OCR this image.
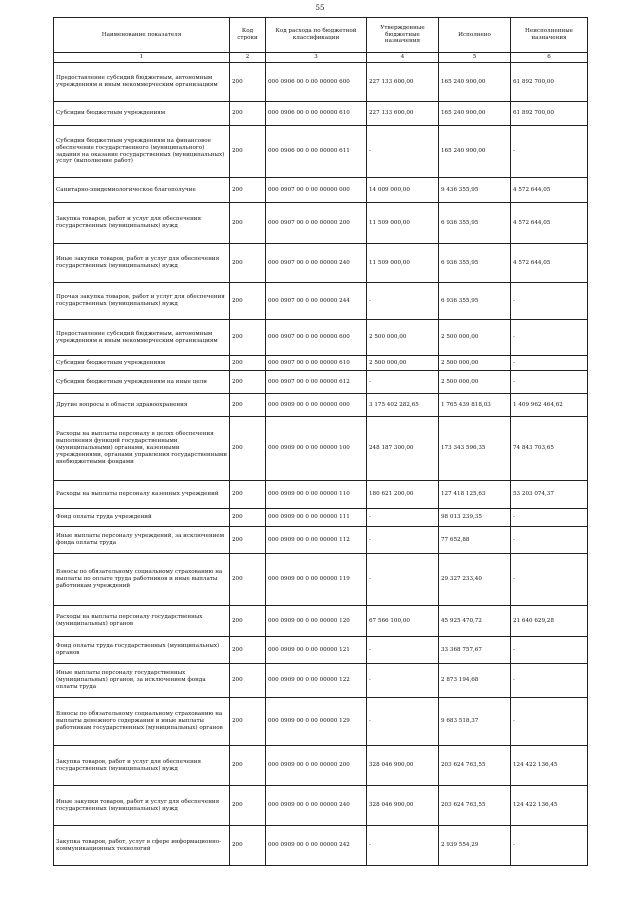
55
Наименование показателя	Код строки	Код расхода по бюджетной классификации	Утвержденные бюджетные назначения	Исполнено	Неисполненные назначения
1	2	3	4	5	6
Предоставление субсидий бюджетным, автономным учреждениям и иным некоммерческим организациям	200	000 0906 00 0 00 00000 600	227 133 600,00	165 240 900,00	61 892 700,00
Субсидии бюджетным учреждениям	200	000 0906 00 0 00 00000 610	227 133 600,00	165 240 900,00	61 892 700,00
Субсидии бюджетным учреждениям на финансовое обеспечение государственного (муниципального) задания на оказание государственных (муниципальных) услуг (выполнение работ)	200	000 0906 00 0 00 00000 611	-	165 240 900,00	-
Санитарно-эпидемиологическое благополучие	200	000 0907 00 0 00 00000 000	14 009 000,00	9 436 355,95	4 572 644,05
Закупка товаров, работ и услуг для обеспечения государственных (муниципальных) нужд	200	000 0907 00 0 00 00000 200	11 509 000,00	6 936 355,95	4 572 644,05
Иные закупки товаров, работ и услуг для обеспечения государственных (муниципальных) нужд	200	000 0907 00 0 00 00000 240	11 509 000,00	6 936 355,95	4 572 644,05
Прочая закупка товаров, работ и услуг для обеспечения государственных (муниципальных) нужд	200	000 0907 00 0 00 00000 244	-	6 936 355,95	-
Предоставление субсидий бюджетным, автономным учреждениям и иным некоммерческим организациям	200	000 0907 00 0 00 00000 600	2 500 000,00	2 500 000,00	-
Субсидии бюджетным учреждениям	200	000 0907 00 0 00 00000 610	2 500 000,00	2 500 000,00	-
Субсидии бюджетным учреждениям на иные цели	200	000 0907 00 0 00 00000 612	-	2 500 000,00	-
Другие вопросы в области здравоохранения	200	000 0909 00 0 00 00000 000	3 175 402 282,65	1 765 439 818,03	1 409 962 464,62
Расходы на выплаты персоналу в целях обеспечения выполнения функций государственными (муниципальными) органами, казенными учреждениями, органами управления государственными внебюджетными фондами	200	000 0909 00 0 00 00000 100	248 187 300,00	173 343 596,35	74 843 703,65
Расходы на выплаты персоналу казенных учреждений	200	000 0909 00 0 00 00000 110	180 621 200,00	127 418 125,63	53 203 074,37
Фонд оплаты труда учреждений	200	000 0909 00 0 00 00000 111	-	98 013 239,35	-
Иные выплаты персоналу учреждений, за исключением фонда оплаты труда	200	000 0909 00 0 00 00000 112	-	77 652,88	-
Взносы по обязательному социальному страхованию на выплаты по оплате труда работников и иные выплаты работникам учреждений	200	000 0909 00 0 00 00000 119	-	29 327 233,40	-
Расходы на выплаты персоналу государственных (муниципальных) органов	200	000 0909 00 0 00 00000 120	67 566 100,00	45 925 470,72	21 640 629,28
Фонд оплаты труда государственных (муниципальных) органов	200	000 0909 00 0 00 00000 121	-	33 368 757,67	-
Иные выплаты персоналу государственных (муниципальных) органов, за исключением фонда оплаты труда	200	000 0909 00 0 00 00000 122	-	2 873 194,68	-
Взносы по обязательному социальному страхованию на выплаты денежного содержания и иные выплаты работникам государственных (муниципальных) органов	200	000 0909 00 0 00 00000 129	-	9 683 518,37	-
Закупка товаров, работ и услуг для обеспечения государственных (муниципальных) нужд	200	000 0909 00 0 00 00000 200	328 046 900,00	203 624 763,55	124 422 136,45
Иные закупки товаров, работ и услуг для обеспечения государственных (муниципальных) нужд	200	000 0909 00 0 00 00000 240	328 046 900,00	203 624 763,55	124 422 136,45
Закупка товаров, работ, услуг в сфере информационно-коммуникационных технологий	200	000 0909 00 0 00 00000 242	-	2 939 554,29	-
